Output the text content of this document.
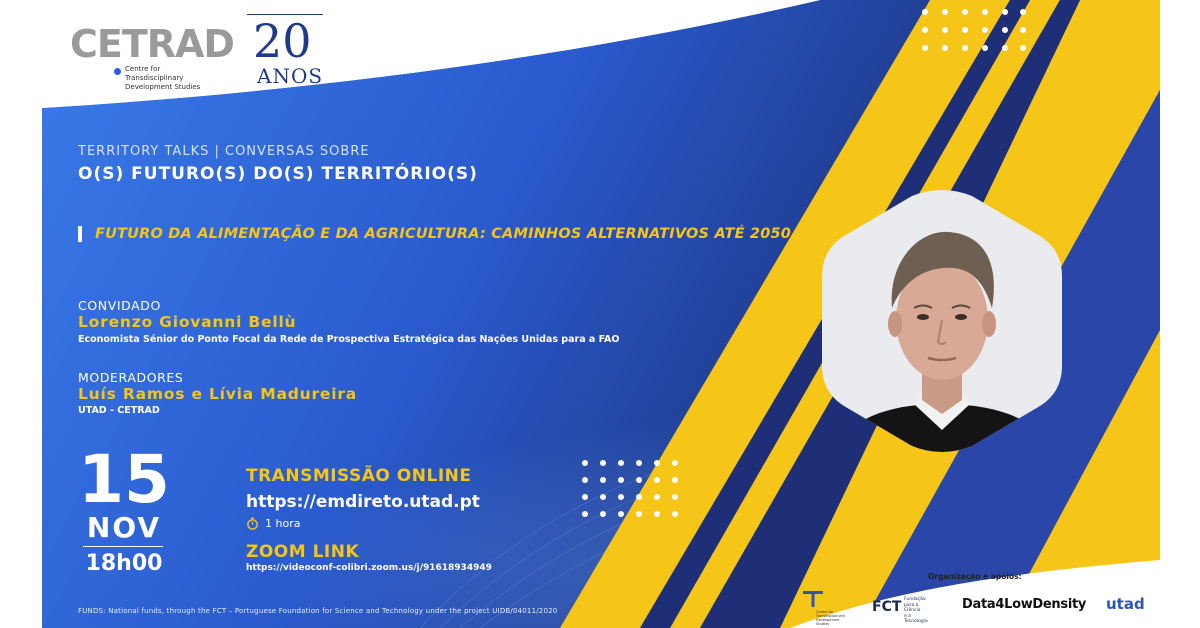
CETRAD
Centre for
Transdisciplinary
Development Studies
20
ANOS
TERRITORY TALKS | CONVERSAS SOBRE
O(S) FUTURO(S) DO(S) TERRITÓRIO(S)
FUTURO DA ALIMENTAÇÃO E DA AGRICULTURA: CAMINHOS ALTERNATIVOS ATÉ 2050
CONVIDADO
Lorenzo Giovanni Bellù
Economista Sénior do Ponto Focal da Rede de Prospectiva Estratégica das Nações Unidas para a FAO
MODERADORES
Luís Ramos e Lívia Madureira
UTAD - CETRAD
15
NOV
18h00
TRANSMISSÃO ONLINE
https://emdireto.utad.pt
1 hora
ZOOM LINK
https://videoconf-colibri.zoom.us/j/91618934949
FUNDS: National funds, through the FCT – Portuguese Foundation for Science and Technology under the project UIDB/04011/2020
Organização e apoios:
Centre for
Transdisciplinary
Development Studies
FCT Fundação
para a Ciência
e a Tecnologia
Data4LowDensity utad
